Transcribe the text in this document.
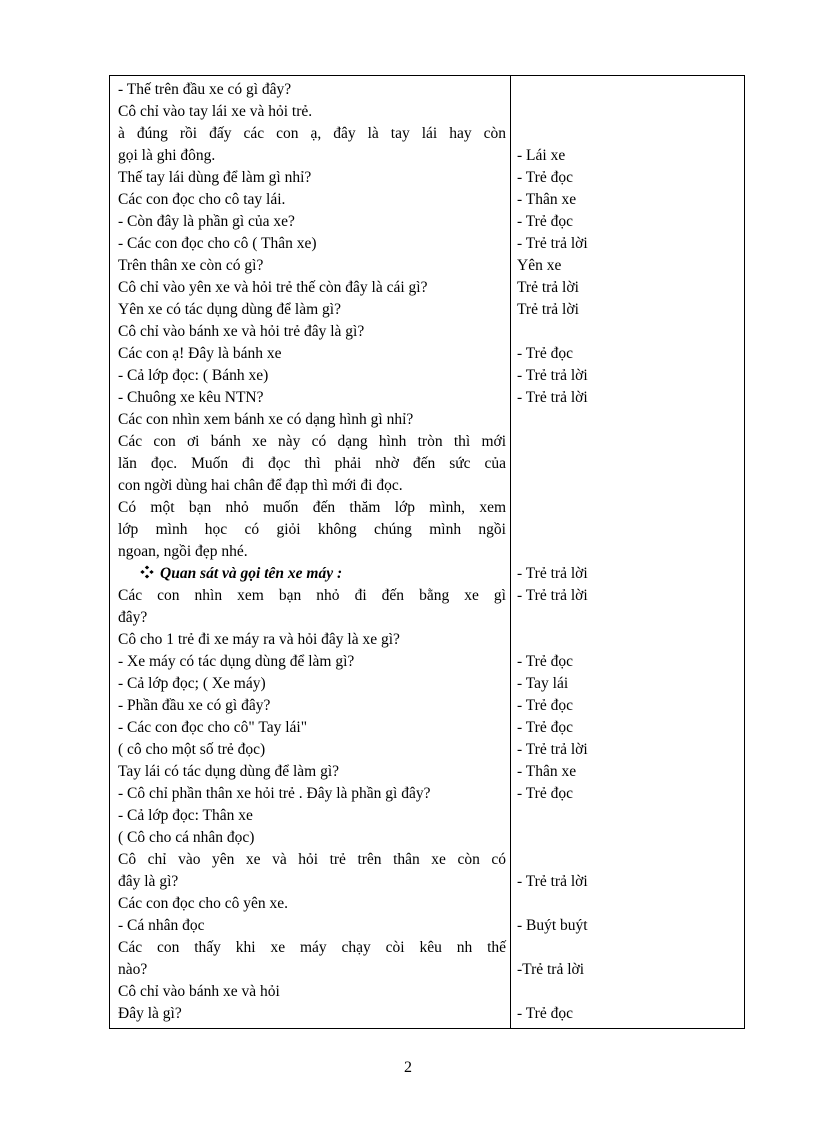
- Thế trên đầu xe có gì đây?
Cô chỉ vào tay lái xe và hỏi trẻ.
à đúng rồi đấy các con ạ, đây là tay lái hay còn
gọi là ghi đông.
Thế tay lái dùng để làm gì nhỉ?
Các con đọc cho cô tay lái.
- Còn đây là phần gì của xe?
- Các con đọc cho cô ( Thân xe)
Trên thân xe còn có gì?
Cô chỉ vào yên xe và hỏi trẻ thế còn đây là cái gì?
Yên xe có tác dụng dùng để làm gì?
Cô chỉ vào bánh xe và hỏi trẻ đây là gì?
Các con ạ! Đây là bánh xe
- Cả lớp đọc: ( Bánh xe)
- Chuông xe kêu NTN?
Các con nhìn xem bánh xe có dạng hình gì nhỉ?
Các con ơi bánh xe này có dạng hình tròn thì mới
lăn đọc. Muốn đi đọc thì phải nhờ đến sức của
con ngời dùng hai chân để đạp thì mới đi đọc.
Có một bạn nhỏ muốn đến thăm lớp mình, xem
lớp mình học có giỏi không chúng mình ngồi
ngoan, ngồi đẹp nhé.
Quan sát và gọi tên xe máy :
Các con nhìn xem bạn nhỏ đi đến bằng xe gì
đây?
Cô cho 1 trẻ đi xe máy ra và hỏi đây là xe gì?
- Xe máy có tác dụng dùng để làm gì?
- Cả lớp đọc; ( Xe máy)
- Phần đầu xe có gì đây?
- Các con đọc cho cô" Tay lái"
( cô cho một số trẻ đọc)
Tay lái có tác dụng dùng để làm gì?
- Cô chỉ phần thân xe hỏi trẻ . Đây là phần gì đây?
- Cả lớp đọc: Thân xe
( Cô cho cá nhân đọc)
Cô chỉ vào yên xe và hỏi trẻ trên thân xe còn có
đây là gì?
Các con đọc cho cô yên xe.
- Cá nhân đọc
Các con thấy khi xe máy chạy còi kêu nh thế
nào?
Cô chỉ vào bánh xe và hỏi
Đây là gì?
- Lái xe
- Trẻ đọc
- Thân xe
- Trẻ đọc
- Trẻ trả lời
Yên xe
Trẻ trả lời
Trẻ trả lời
- Trẻ đọc
- Trẻ trả lời
- Trẻ trả lời
- Trẻ trả lời
- Trẻ trả lời
- Trẻ đọc
- Tay lái
- Trẻ đọc
- Trẻ đọc
- Trẻ trả lời
- Thân xe
- Trẻ đọc
- Trẻ trả lời
- Buýt buýt
-Trẻ trả lời
- Trẻ đọc
2
